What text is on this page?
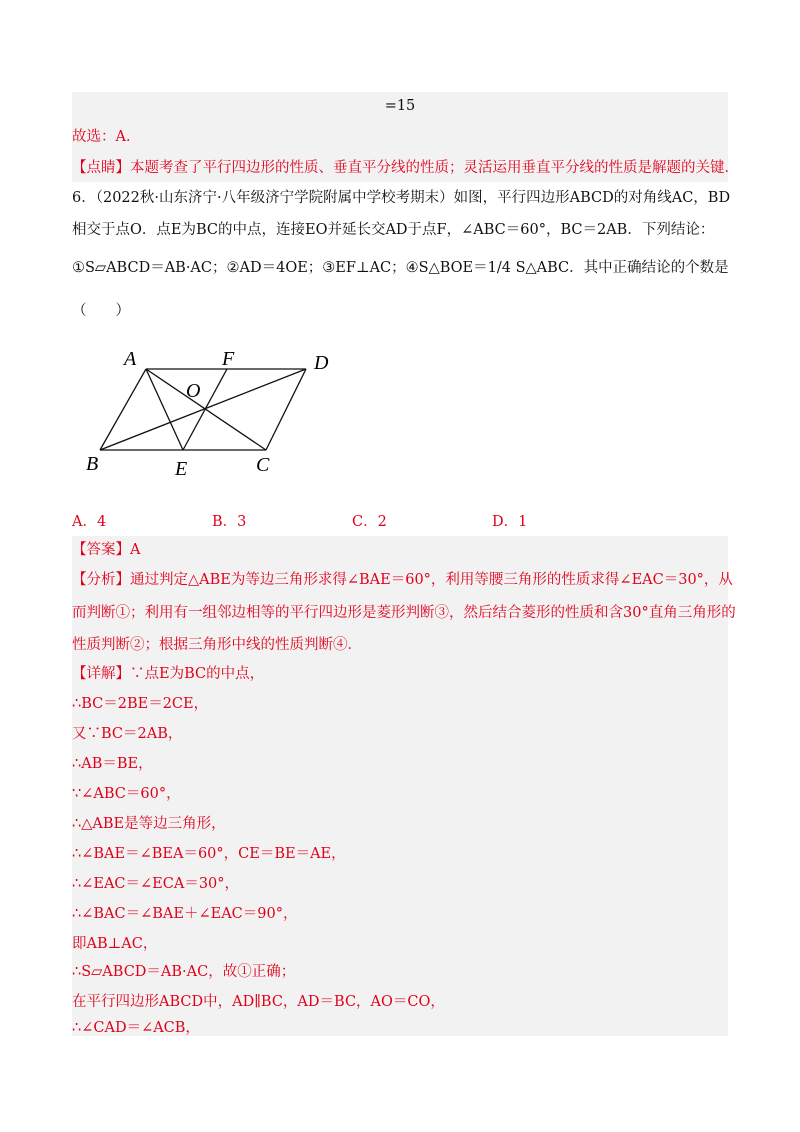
=15
故选：A．
【点睛】本题考查了平行四边形的性质、垂直平分线的性质；灵活运用垂直平分线的性质是解题的关键．
6．（2022秋·山东济宁·八年级济宁学院附属中学校考期末）如图，平行四边形ABCD的对角线AC，BD
相交于点O．点E为BC的中点，连接EO并延长交AD于点F，∠ABC＝60°，BC＝2AB．下列结论：
①S▱ABCD＝AB·AC；②AD＝4OE；③EF⊥AC；④S△BOE＝1/4 S△ABC．其中正确结论的个数是
（　　）
A	F	D
O
B	E	C
A．4	B．3	C．2	D．1
【答案】A
【分析】通过判定△ABE为等边三角形求得∠BAE＝60°，利用等腰三角形的性质求得∠EAC＝30°，从
而判断①；利用有一组邻边相等的平行四边形是菱形判断③，然后结合菱形的性质和含30°直角三角形的
性质判断②；根据三角形中线的性质判断④．
【详解】∵点E为BC的中点，
∴BC＝2BE＝2CE，
又∵BC＝2AB，
∴AB＝BE，
∵∠ABC＝60°，
∴△ABE是等边三角形，
∴∠BAE＝∠BEA＝60°，CE＝BE＝AE，
∴∠EAC＝∠ECA＝30°，
∴∠BAC＝∠BAE＋∠EAC＝90°，
即AB⊥AC，
∴S▱ABCD＝AB·AC，故①正确；
在平行四边形ABCD中，AD∥BC，AD＝BC，AO＝CO，
∴∠CAD＝∠ACB，
